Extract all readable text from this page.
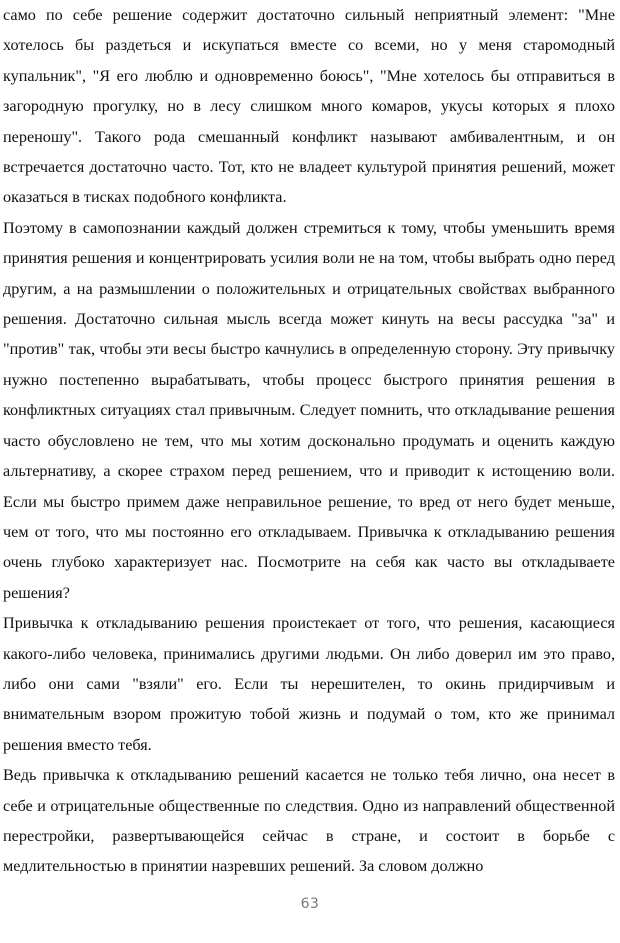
само по себе решение содержит достаточно сильный неприятный элемент: "Мне хотелось бы раздеться и искупаться вместе со всеми, но у меня старомодный купальник", "Я его люблю и одновременно боюсь", "Мне хотелось бы отправиться в загородную прогулку, но в лесу слишком много комаров, укусы которых я плохо переношу". Такого рода смешанный конфликт называют амбивалентным, и он встречается достаточно часто. Тот, кто не владеет культурой принятия решений, может оказаться в тисках подобного конфликта.

Поэтому в самопознании каждый должен стремиться к тому, чтобы уменьшить время принятия решения и концентрировать усилия воли не на том, чтобы выбрать одно перед другим, а на размышлении о положительных и отрицательных свойствах выбранного решения. Достаточно сильная мысль всегда может кинуть на весы рассудка "за" и "против" так, чтобы эти весы быстро качнулись в определенную сторону. Эту привычку нужно постепенно вырабатывать, чтобы процесс быстрого принятия решения в конфликтных ситуациях стал привычным. Следует помнить, что откладывание решения часто обусловлено не тем, что мы хотим досконально продумать и оценить каждую альтернативу, а скорее страхом перед решением, что и приводит к истощению воли. Если мы быстро примем даже неправильное решение, то вред от него будет меньше, чем от того, что мы постоянно его откладываем. Привычка к откладыванию решения очень глубоко характеризует нас. Посмотрите на себя как часто вы откладываете решения?

Привычка к откладыванию решения проистекает от того, что решения, касающиеся какого-либо человека, принимались другими людьми. Он либо доверил им это право, либо они сами "взяли" его. Если ты нерешителен, то окинь придирчивым и внимательным взором прожитую тобой жизнь и подумай о том, кто же принимал решения вместо тебя.

Ведь привычка к откладыванию решений касается не только тебя лично, она несет в себе и отрицательные общественные по следствия. Одно из направлений общественной перестройки, развертывающейся сейчас в стране, и состоит в борьбе с медлительностью в принятии назревших решений. За словом должно

63
